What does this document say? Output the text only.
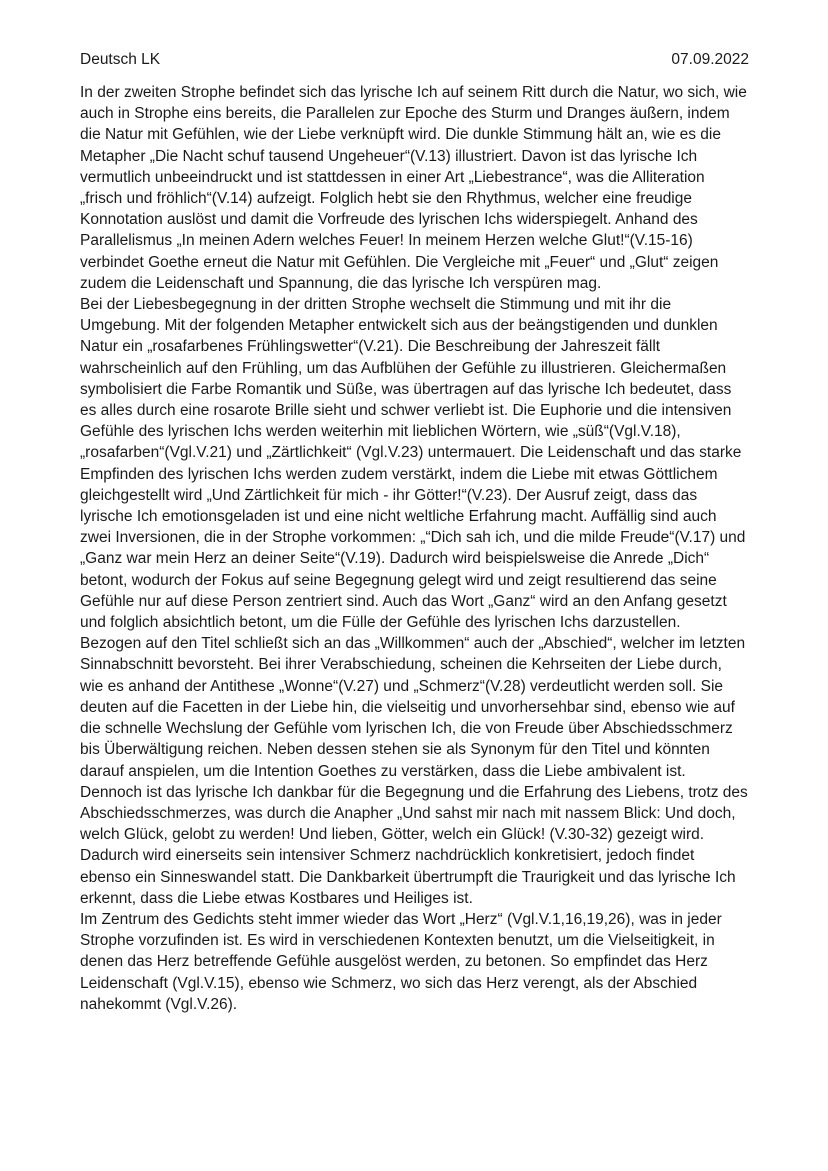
Deutsch LK	07.09.2022

In der zweiten Strophe befindet sich das lyrische Ich auf seinem Ritt durch die Natur, wo sich, wie auch in Strophe eins bereits, die Parallelen zur Epoche des Sturm und Dranges äußern, indem die Natur mit Gefühlen, wie der Liebe verknüpft wird. Die dunkle Stimmung hält an, wie es die Metapher „Die Nacht schuf tausend Ungeheuer“(V.13) illustriert. Davon ist das lyrische Ich vermutlich unbeeindruckt und ist stattdessen in einer Art „Liebestrance“, was die Alliteration „frisch und fröhlich“(V.14) aufzeigt. Folglich hebt sie den Rhythmus, welcher eine freudige Konnotation auslöst und damit die Vorfreude des lyrischen Ichs widerspiegelt. Anhand des Parallelismus „In meinen Adern welches Feuer! In meinem Herzen welche Glut!“(V.15-16) verbindet Goethe erneut die Natur mit Gefühlen. Die Vergleiche mit „Feuer“ und „Glut“ zeigen zudem die Leidenschaft und Spannung, die das lyrische Ich verspüren mag.

Bei der Liebesbegegnung in der dritten Strophe wechselt die Stimmung und mit ihr die Umgebung. Mit der folgenden Metapher entwickelt sich aus der beängstigenden und dunklen Natur ein „rosafarbenes Frühlingswetter“(V.21). Die Beschreibung der Jahreszeit fällt wahrscheinlich auf den Frühling, um das Aufblühen der Gefühle zu illustrieren. Gleichermaßen symbolisiert die Farbe Romantik und Süße, was übertragen auf das lyrische Ich bedeutet, dass es alles durch eine rosarote Brille sieht und schwer verliebt ist. Die Euphorie und die intensiven Gefühle des lyrischen Ichs werden weiterhin mit lieblichen Wörtern, wie „süß“(Vgl.V.18), „rosafarben“(Vgl.V.21) und „Zärtlichkeit“ (Vgl.V.23) untermauert. Die Leidenschaft und das starke Empfinden des lyrischen Ichs werden zudem verstärkt, indem die Liebe mit etwas Göttlichem gleichgestellt wird „Und Zärtlichkeit für mich - ihr Götter!“(V.23). Der Ausruf zeigt, dass das lyrische Ich emotionsgeladen ist und eine nicht weltliche Erfahrung macht. Auffällig sind auch zwei Inversionen, die in der Strophe vorkommen: „“Dich sah ich, und die milde Freude“(V.17) und „Ganz war mein Herz an deiner Seite“(V.19). Dadurch wird beispielsweise die Anrede „Dich“ betont, wodurch der Fokus auf seine Begegnung gelegt wird und zeigt resultierend das seine Gefühle nur auf diese Person zentriert sind. Auch das Wort „Ganz“ wird an den Anfang gesetzt und folglich absichtlich betont, um die Fülle der Gefühle des lyrischen Ichs darzustellen.

Bezogen auf den Titel schließt sich an das „Willkommen“ auch der „Abschied“, welcher im letzten Sinnabschnitt bevorsteht. Bei ihrer Verabschiedung, scheinen die Kehrseiten der Liebe durch, wie es anhand der Antithese „Wonne“(V.27) und „Schmerz“(V.28) verdeutlicht werden soll. Sie deuten auf die Facetten in der Liebe hin, die vielseitig und unvorhersehbar sind, ebenso wie auf die schnelle Wechslung der Gefühle vom lyrischen Ich, die von Freude über Abschiedsschmerz bis Überwältigung reichen. Neben dessen stehen sie als Synonym für den Titel und könnten darauf anspielen, um die Intention Goethes zu verstärken, dass die Liebe ambivalent ist. Dennoch ist das lyrische Ich dankbar für die Begegnung und die Erfahrung des Liebens, trotz des Abschiedsschmerzes, was durch die Anapher „Und sahst mir nach mit nassem Blick: Und doch, welch Glück, gelobt zu werden! Und lieben, Götter, welch ein Glück! (V.30-32) gezeigt wird. Dadurch wird einerseits sein intensiver Schmerz nachdrücklich konkretisiert, jedoch findet ebenso ein Sinneswandel statt. Die Dankbarkeit übertrumpft die Traurigkeit und das lyrische Ich erkennt, dass die Liebe etwas Kostbares und Heiliges ist.

Im Zentrum des Gedichts steht immer wieder das Wort „Herz“ (Vgl.V.1,16,19,26), was in jeder Strophe vorzufinden ist. Es wird in verschiedenen Kontexten benutzt, um die Vielseitigkeit, in denen das Herz betreffende Gefühle ausgelöst werden, zu betonen. So empfindet das Herz Leidenschaft (Vgl.V.15), ebenso wie Schmerz, wo sich das Herz verengt, als der Abschied nahekommt (Vgl.V.26).
